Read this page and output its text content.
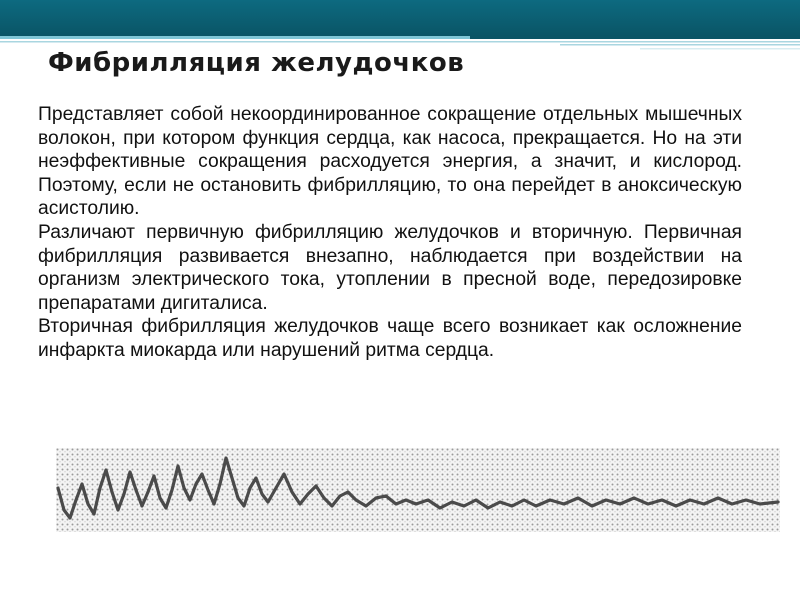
Фибрилляция желудочков

Представляет собой некоординированное сокращение отдельных мышечных волокон, при котором функция сердца, как насоса, прекращается. Но на эти неэффективные сокращения расходуется энергия, а значит, и кислород. Поэтому, если не остановить фибрилляцию, то она перейдет в аноксическую асистолию.

Различают первичную фибрилляцию желудочков и вторичную. Первичная фибрилляция развивается внезапно, наблюдается при воздействии на организм электрического тока, утоплении в пресной воде, передозировке препаратами дигиталиса.

Вторичная фибрилляция желудочков чаще всего возникает как осложнение инфаркта миокарда или нарушений ритма сердца.
